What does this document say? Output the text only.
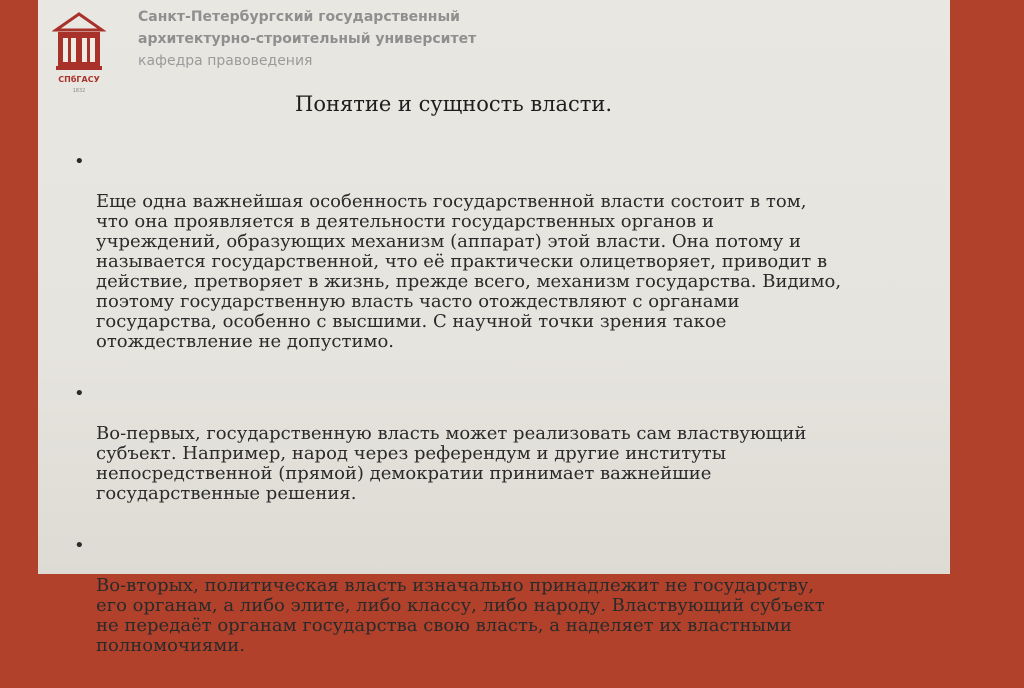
СПбГАСУ
1832
Санкт-Петербургский государственный
архитектурно-строительный университет
кафедра правоведения
Понятие и сущность власти.

•

Еще одна важнейшая особенность государственной власти состоит в том,
что она проявляется в деятельности государственных органов и
учреждений, образующих механизм (аппарат) этой власти. Она потому и
называется государственной, что её практически олицетворяет, приводит в
действие, претворяет в жизнь, прежде всего, механизм государства. Видимо,
поэтому государственную власть часто отождествляют с органами
государства, особенно с высшими. С научной точки зрения такое
отождествление не допустимо.

•

Во-первых, государственную власть может реализовать сам властвующий
субъект. Например, народ через референдум и другие институты
непосредственной (прямой) демократии принимает важнейшие
государственные решения.

•

Во-вторых, политическая власть изначально принадлежит не государству,
его органам, а либо элите, либо классу, либо народу. Властвующий субъект
не передаёт органам государства свою власть, а наделяет их властными
полномочиями.
